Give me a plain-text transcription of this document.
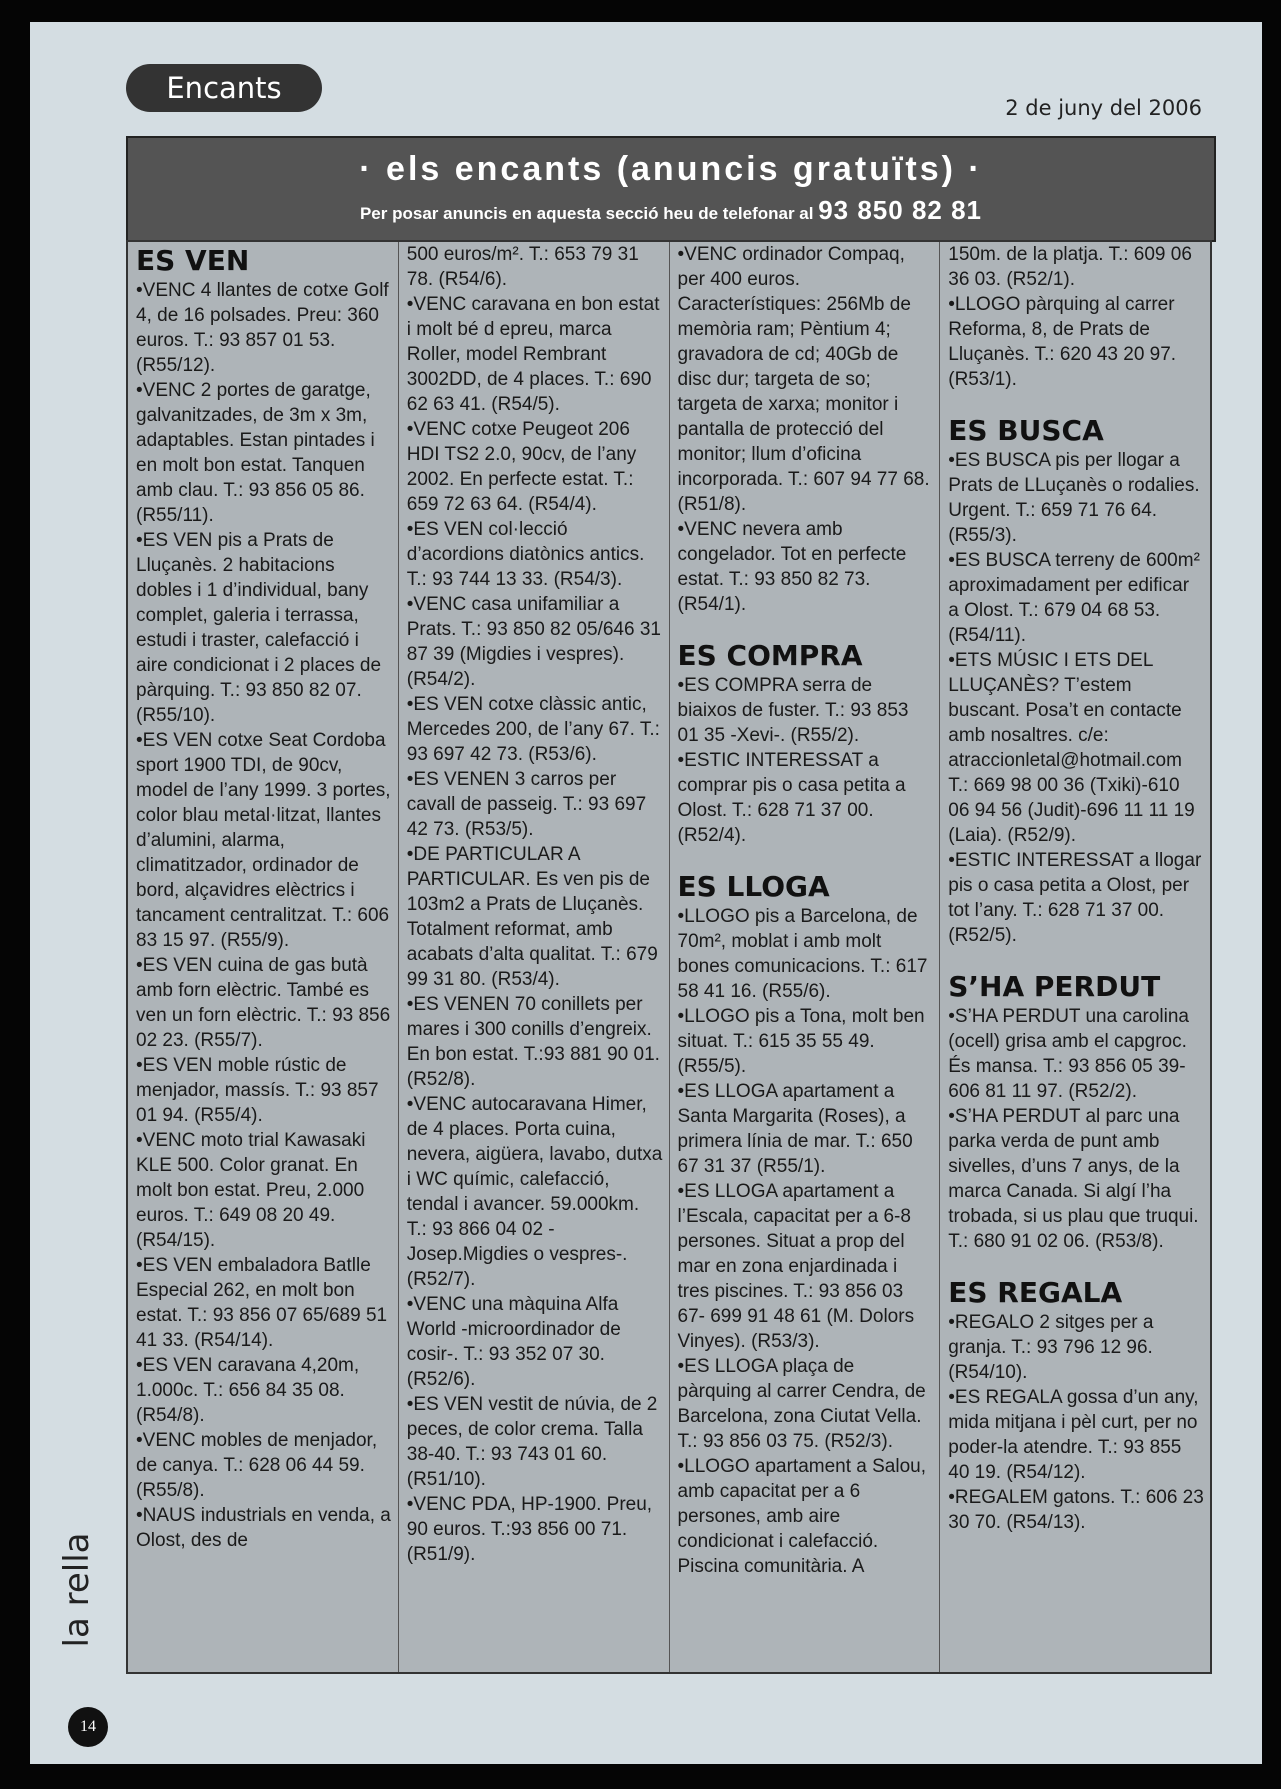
Encants
2 de juny del 2006
· els encants (anuncis gratuïts) ·
Per posar anuncis en aquesta secció heu de telefonar al 93 850 82 81
ES VEN

•VENC 4 llantes de cotxe Golf 4, de 16 polsades. Preu: 360 euros. T.: 93 857 01 53. (R55/12).

•VENC 2 portes de garatge, galvanitzades, de 3m x 3m, adaptables. Estan pintades i en molt bon estat. Tanquen amb clau. T.: 93 856 05 86. (R55/11).

•ES VEN pis a Prats de Lluçanès. 2 habitacions dobles i 1 d’individual, bany complet, galeria i terrassa, estudi i traster, calefacció i aire condicionat i 2 places de pàrquing. T.: 93 850 82 07. (R55/10).

•ES VEN cotxe Seat Cordoba sport 1900 TDI, de 90cv, model de l’any 1999. 3 portes, color blau metal·litzat, llantes d’alumini, alarma, climatitzador, ordinador de bord, alçavidres elèctrics i tancament centralitzat. T.: 606 83 15 97. (R55/9).

•ES VEN cuina de gas butà amb forn elèctric. També es ven un forn elèctric. T.: 93 856 02 23. (R55/7).

•ES VEN moble rústic de menjador, massís. T.: 93 857 01 94. (R55/4).

•VENC moto trial Kawasaki KLE 500. Color granat. En molt bon estat. Preu, 2.000 euros. T.: 649 08 20 49. (R54/15).

•ES VEN embaladora Batlle Especial 262, en molt bon estat. T.: 93 856 07 65/689 51 41 33. (R54/14).

•ES VEN caravana 4,20m, 1.000c. T.: 656 84 35 08. (R54/8).

•VENC mobles de menjador, de canya. T.: 628 06 44 59. (R55/8).

•NAUS industrials en venda, a Olost, des de

500 euros/m². T.: 653 79 31 78. (R54/6).

•VENC caravana en bon estat i molt bé d epreu, marca Roller, model Rembrant 3002DD, de 4 places. T.: 690 62 63 41. (R54/5).

•VENC cotxe Peugeot 206 HDI TS2 2.0, 90cv, de l’any 2002. En perfecte estat. T.: 659 72 63 64. (R54/4).

•ES VEN col·lecció d’acordions diatònics antics. T.: 93 744 13 33. (R54/3).

•VENC casa unifamiliar a Prats. T.: 93 850 82 05/646 31 87 39 (Migdies i vespres). (R54/2).

•ES VEN cotxe clàssic antic, Mercedes 200, de l’any 67. T.: 93 697 42 73. (R53/6).

•ES VENEN 3 carros per cavall de passeig. T.: 93 697 42 73. (R53/5).

•DE PARTICULAR A PARTICULAR. Es ven pis de 103m2 a Prats de Lluçanès. Totalment reformat, amb acabats d’alta qualitat. T.: 679 99 31 80. (R53/4).

•ES VENEN 70 conillets per mares i 300 conills d’engreix. En bon estat. T.:93 881 90 01. (R52/8).

•VENC autocaravana Himer, de 4 places. Porta cuina, nevera, aigüera, lavabo, dutxa i WC químic, calefacció, tendal i avancer. 59.000km. T.: 93 866 04 02 -Josep.Migdies o vespres-. (R52/7).

•VENC una màquina Alfa World -microordinador de cosir-. T.: 93 352 07 30. (R52/6).

•ES VEN vestit de núvia, de 2 peces, de color crema. Talla 38-40. T.: 93 743 01 60. (R51/10).

•VENC PDA, HP-1900. Preu, 90 euros. T.:93 856 00 71. (R51/9).

•VENC ordinador Compaq, per 400 euros. Característiques: 256Mb de memòria ram; Pèntium 4; gravadora de cd; 40Gb de disc dur; targeta de so; targeta de xarxa; monitor i pantalla de protecció del monitor; llum d’oficina incorporada. T.: 607 94 77 68. (R51/8).

•VENC nevera amb congelador. Tot en perfecte estat. T.: 93 850 82 73. (R54/1).

ES COMPRA

•ES COMPRA serra de biaixos de fuster. T.: 93 853 01 35 -Xevi-. (R55/2).

•ESTIC INTERESSAT a comprar pis o casa petita a Olost. T.: 628 71 37 00. (R52/4).

ES LLOGA

•LLOGO pis a Barcelona, de 70m², moblat i amb molt bones comunicacions. T.: 617 58 41 16. (R55/6).

•LLOGO pis a Tona, molt ben situat. T.: 615 35 55 49. (R55/5).

•ES LLOGA apartament a Santa Margarita (Roses), a primera línia de mar. T.: 650 67 31 37 (R55/1).

•ES LLOGA apartament a l’Escala, capacitat per a 6-8 persones. Situat a prop del mar en zona enjardinada i tres piscines. T.: 93 856 03 67- 699 91 48 61 (M. Dolors Vinyes). (R53/3).

•ES LLOGA plaça de pàrquing al carrer Cendra, de Barcelona, zona Ciutat Vella. T.: 93 856 03 75. (R52/3).

•LLOGO apartament a Salou, amb capacitat per a 6 persones, amb aire condicionat i calefacció. Piscina comunitària. A

150m. de la platja. T.: 609 06 36 03. (R52/1).

•LLOGO pàrquing al carrer Reforma, 8, de Prats de Lluçanès. T.: 620 43 20 97. (R53/1).

ES BUSCA

•ES BUSCA pis per llogar a Prats de LLuçanès o rodalies. Urgent. T.: 659 71 76 64. (R55/3).

•ES BUSCA terreny de 600m² aproximadament per edificar a Olost. T.: 679 04 68 53. (R54/11).

•ETS MÚSIC I ETS DEL LLUÇANÈS? T’estem buscant. Posa’t en contacte amb nosaltres. c/e: atraccionletal@hotmail.com T.: 669 98 00 36 (Txiki)-610 06 94 56 (Judit)-696 11 11 19 (Laia). (R52/9).

•ESTIC INTERESSAT a llogar pis o casa petita a Olost, per tot l’any. T.: 628 71 37 00. (R52/5).

S’HA PERDUT

•S’HA PERDUT una carolina (ocell) grisa amb el capgroc. És mansa. T.: 93 856 05 39-606 81 11 97. (R52/2).

•S’HA PERDUT al parc una parka verda de punt amb sivelles, d’uns 7 anys, de la marca Canada. Si algí l’ha trobada, si us plau que truqui. T.: 680 91 02 06. (R53/8).

ES REGALA

•REGALO 2 sitges per a granja. T.: 93 796 12 96. (R54/10).

•ES REGALA gossa d’un any, mida mitjana i pèl curt, per no poder-la atendre. T.: 93 855 40 19. (R54/12).

•REGALEM gatons. T.: 606 23 30 70. (R54/13).

la rella
14
